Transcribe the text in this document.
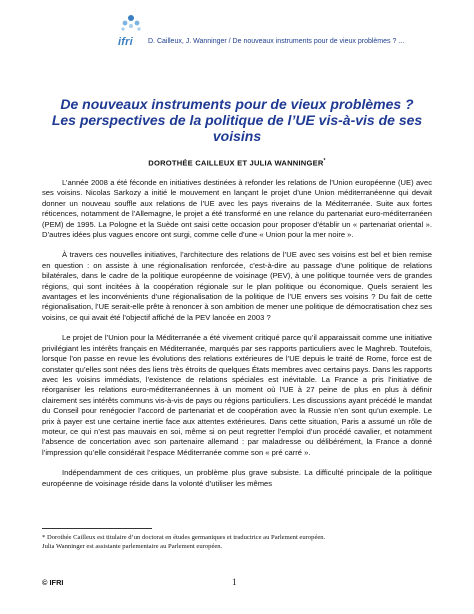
ifri D. Cailleux, J. Wanninger / De nouveaux instruments pour de vieux problèmes ? ...
De nouveaux instruments pour de vieux problèmes ?
Les perspectives de la politique de l’UE vis-à-vis de ses voisins
DOROTHÉE CAILLEUX ET JULIA WANNINGER*

L’année 2008 a été féconde en initiatives destinées à refonder les relations de l’Union européenne (UE) avec ses voisins. Nicolas Sarkozy a initié le mouvement en lançant le projet d’une Union méditerranéenne qui devait donner un nouveau souffle aux relations de l’UE avec les pays riverains de la Méditerranée. Suite aux fortes réticences, notamment de l’Allemagne, le projet a été transformé en une relance du partenariat euro-méditerranéen (PEM) de 1995. La Pologne et la Suède ont saisi cette occasion pour proposer d’établir un « partenariat oriental ». D’autres idées plus vagues encore ont surgi, comme celle d’une « Union pour la mer noire ».

À travers ces nouvelles initiatives, l’architecture des relations de l’UE avec ses voisins est bel et bien remise en question : on assiste à une régionalisation renforcée, c’est-à-dire au passage d’une politique de relations bilatérales, dans le cadre de la politique européenne de voisinage (PEV), à une politique tournée vers de grandes régions, qui sont incitées à la coopération régionale sur le plan politique ou économique. Quels seraient les avantages et les inconvénients d’une régionalisation de la politique de l’UE envers ses voisins ? Du fait de cette régionalisation, l’UE serait-elle prête à renoncer à son ambition de mener une politique de démocratisation chez ses voisins, ce qui avait été l’objectif affiché de la PEV lancée en 2003 ?

Le projet de l’Union pour la Méditerranée a été vivement critiqué parce qu’il apparaissait comme une initiative privilégiant les intérêts français en Méditerranée, marqués par ses rapports particuliers avec le Maghreb. Toutefois, lorsque l’on passe en revue les évolutions des relations extérieures de l’UE depuis le traité de Rome, force est de constater qu’elles sont nées des liens très étroits de quelques États membres avec certains pays. Dans les rapports avec les voisins immédiats, l’existence de relations spéciales est inévitable. La France a pris l’initiative de réorganiser les relations euro-méditerranéennes à un moment où l’UE à 27 peine de plus en plus à définir clairement ses intérêts communs vis-à-vis de pays ou régions particuliers. Les discussions ayant précédé le mandat du Conseil pour renégocier l’accord de partenariat et de coopération avec la Russie n’en sont qu’un exemple. Le prix à payer est une certaine inertie face aux attentes extérieures. Dans cette situation, Paris a assumé un rôle de moteur, ce qui n’est pas mauvais en soi, même si on peut regretter l’emploi d’un procédé cavalier, et notamment l’absence de concertation avec son partenaire allemand : par maladresse ou délibérément, la France a donné l’impression qu’elle considérait l’espace Méditerranée comme son « pré carré ».

Indépendamment de ces critiques, un problème plus grave subsiste. La difficulté principale de la politique européenne de voisinage réside dans la volonté d’utiliser les mêmes

* Dorothée Cailleux est titulaire d’un doctorat en études germaniques et traductrice au Parlement européen.
Julia Wanninger est assistante parlementaire au Parlement européen.
© IFRI	1
